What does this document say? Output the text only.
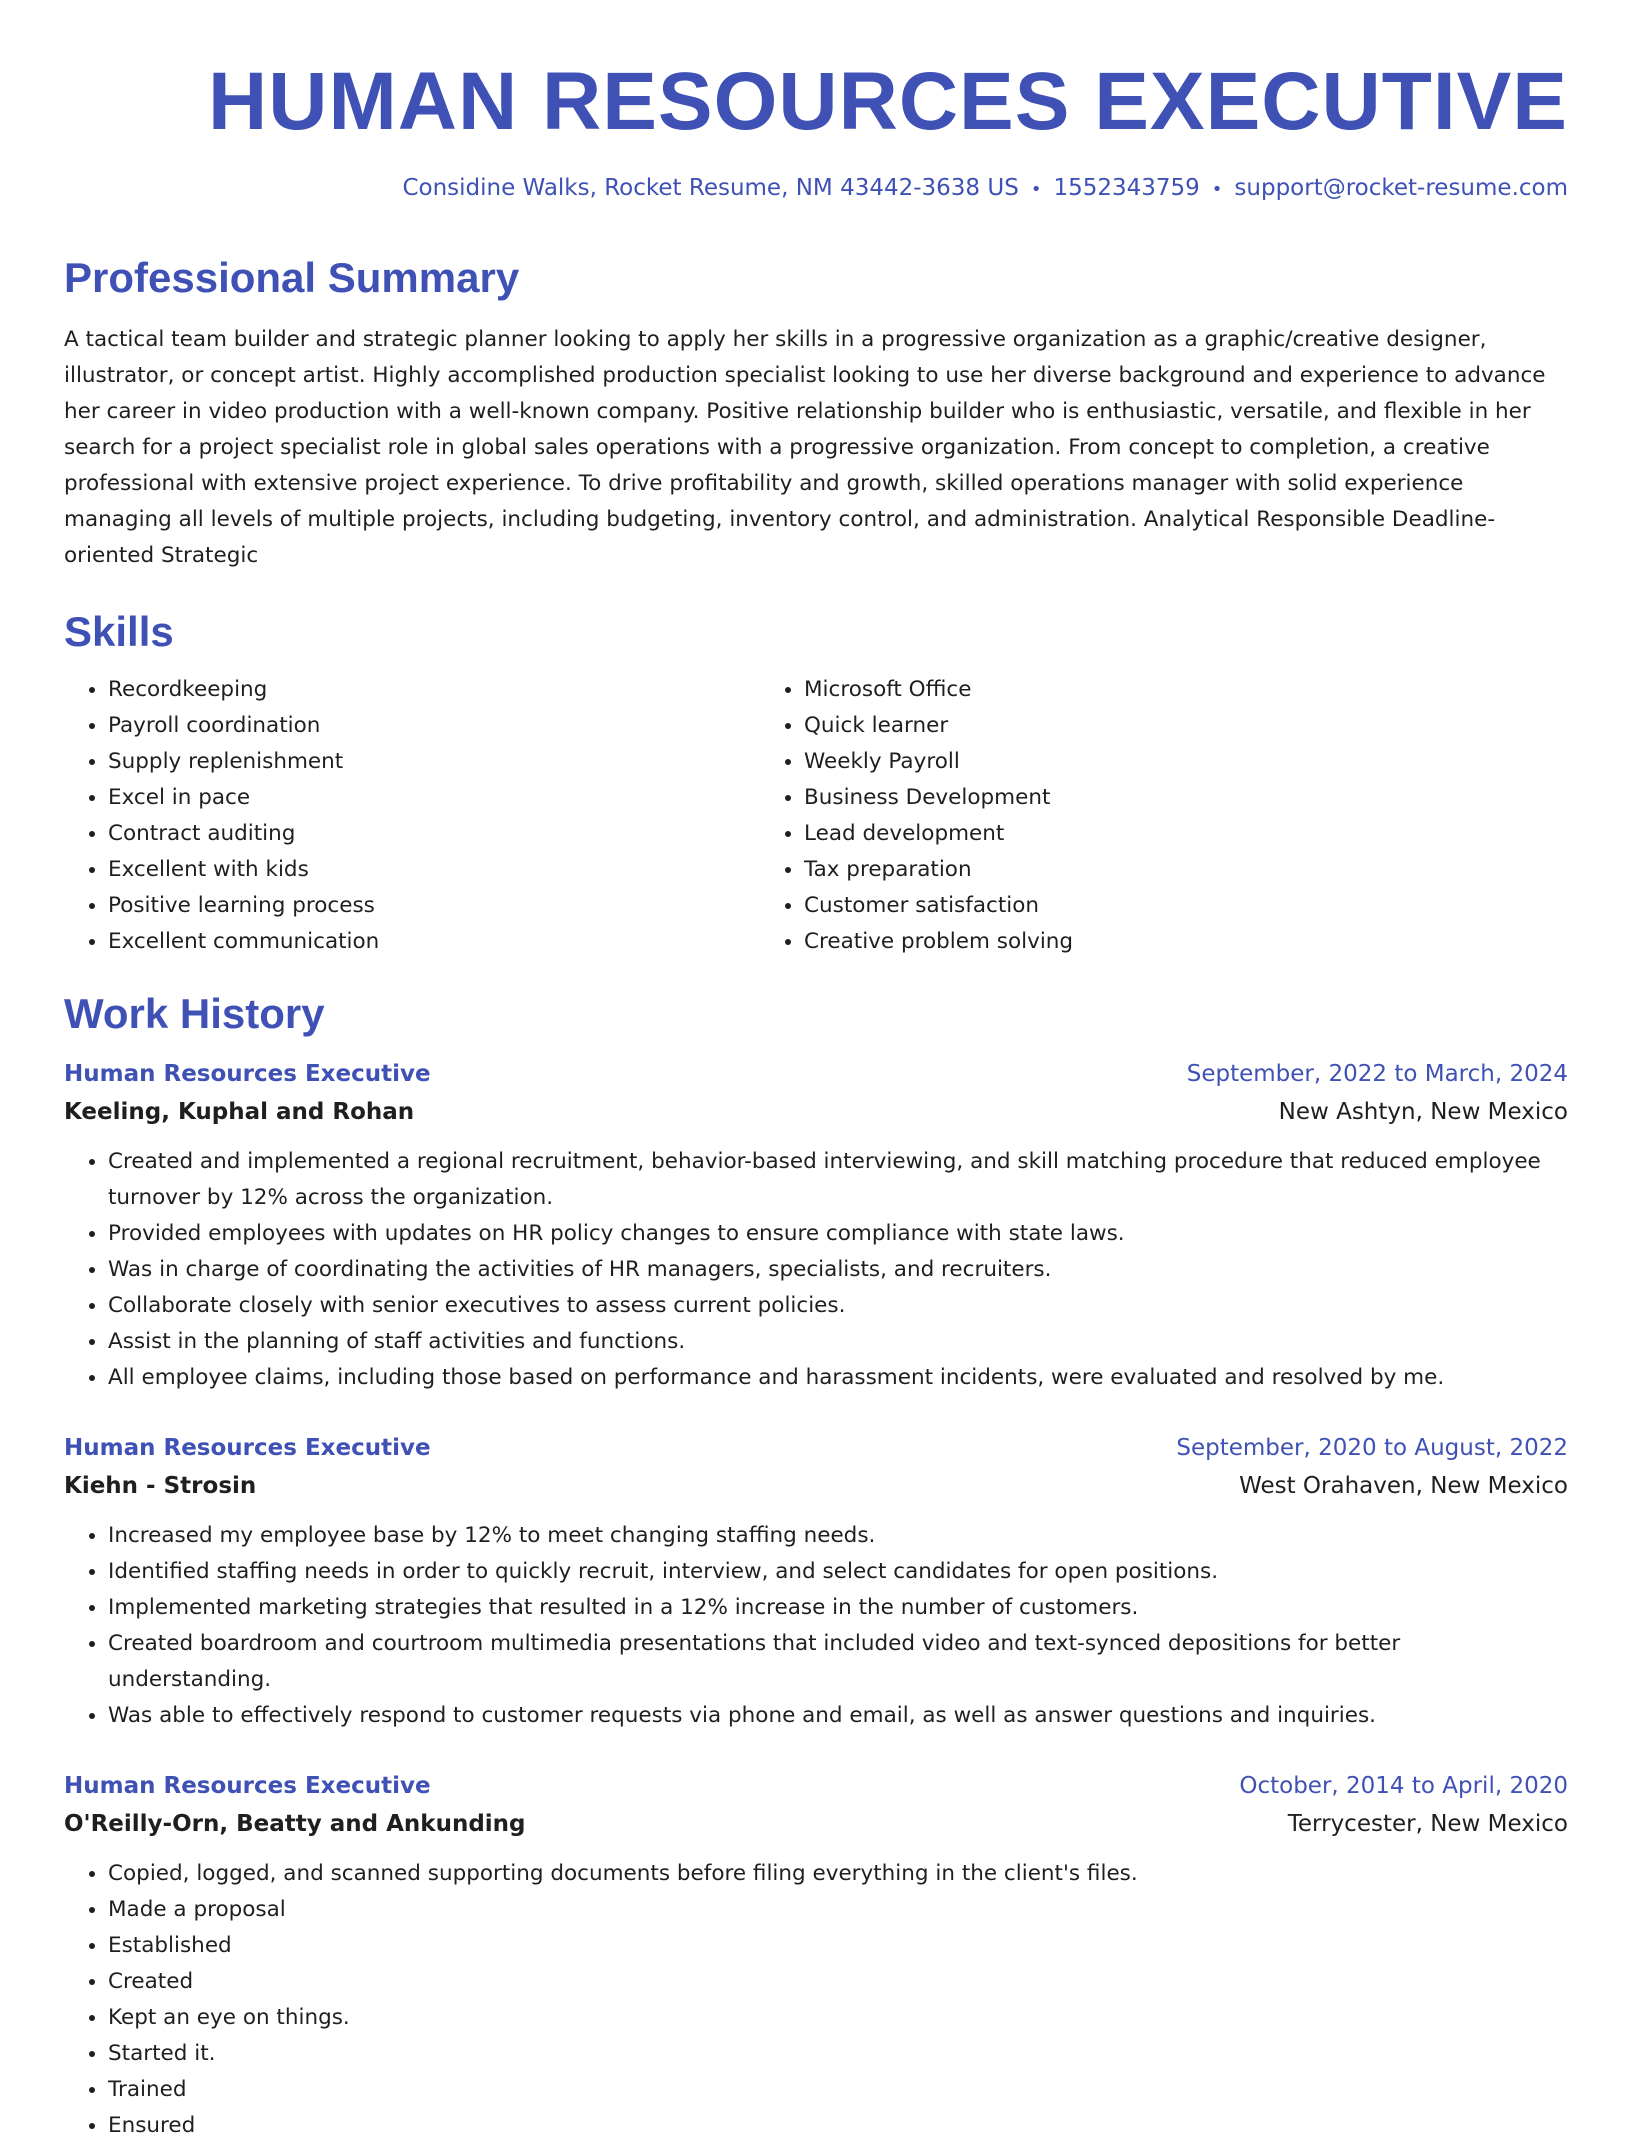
HUMAN RESOURCES EXECUTIVE
Considine Walks, Rocket Resume, NM 43442-3638 US • 1552343759 • support@rocket-resume.com
Professional Summary
A tactical team builder and strategic planner looking to apply her skills in a progressive organization as a graphic/creative designer, illustrator, or concept artist. Highly accomplished production specialist looking to use her diverse background and experience to advance her career in video production with a well-known company. Positive relationship builder who is enthusiastic, versatile, and flexible in her search for a project specialist role in global sales operations with a progressive organization. From concept to completion, a creative professional with extensive project experience. To drive profitability and growth, skilled operations manager with solid experience managing all levels of multiple projects, including budgeting, inventory control, and administration. Analytical Responsible Deadline-oriented Strategic
Skills
• Recordkeeping
• Payroll coordination
• Supply replenishment
• Excel in pace
• Contract auditing
• Excellent with kids
• Positive learning process
• Excellent communication
• Microsoft Office
• Quick learner
• Weekly Payroll
• Business Development
• Lead development
• Tax preparation
• Customer satisfaction
• Creative problem solving
Work History
Human Resources Executive	September, 2022 to March, 2024
Keeling, Kuphal and Rohan	New Ashtyn, New Mexico
• Created and implemented a regional recruitment, behavior-based interviewing, and skill matching procedure that reduced employee turnover by 12% across the organization.
• Provided employees with updates on HR policy changes to ensure compliance with state laws.
• Was in charge of coordinating the activities of HR managers, specialists, and recruiters.
• Collaborate closely with senior executives to assess current policies.
• Assist in the planning of staff activities and functions.
• All employee claims, including those based on performance and harassment incidents, were evaluated and resolved by me.
Human Resources Executive	September, 2020 to August, 2022
Kiehn - Strosin	West Orahaven, New Mexico
• Increased my employee base by 12% to meet changing staffing needs.
• Identified staffing needs in order to quickly recruit, interview, and select candidates for open positions.
• Implemented marketing strategies that resulted in a 12% increase in the number of customers.
• Created boardroom and courtroom multimedia presentations that included video and text-synced depositions for better understanding.
• Was able to effectively respond to customer requests via phone and email, as well as answer questions and inquiries.
Human Resources Executive	October, 2014 to April, 2020
O'Reilly-Orn, Beatty and Ankunding	Terrycester, New Mexico
• Copied, logged, and scanned supporting documents before filing everything in the client's files.
• Made a proposal
• Established
• Created
• Kept an eye on things.
• Started it.
• Trained
• Ensured
